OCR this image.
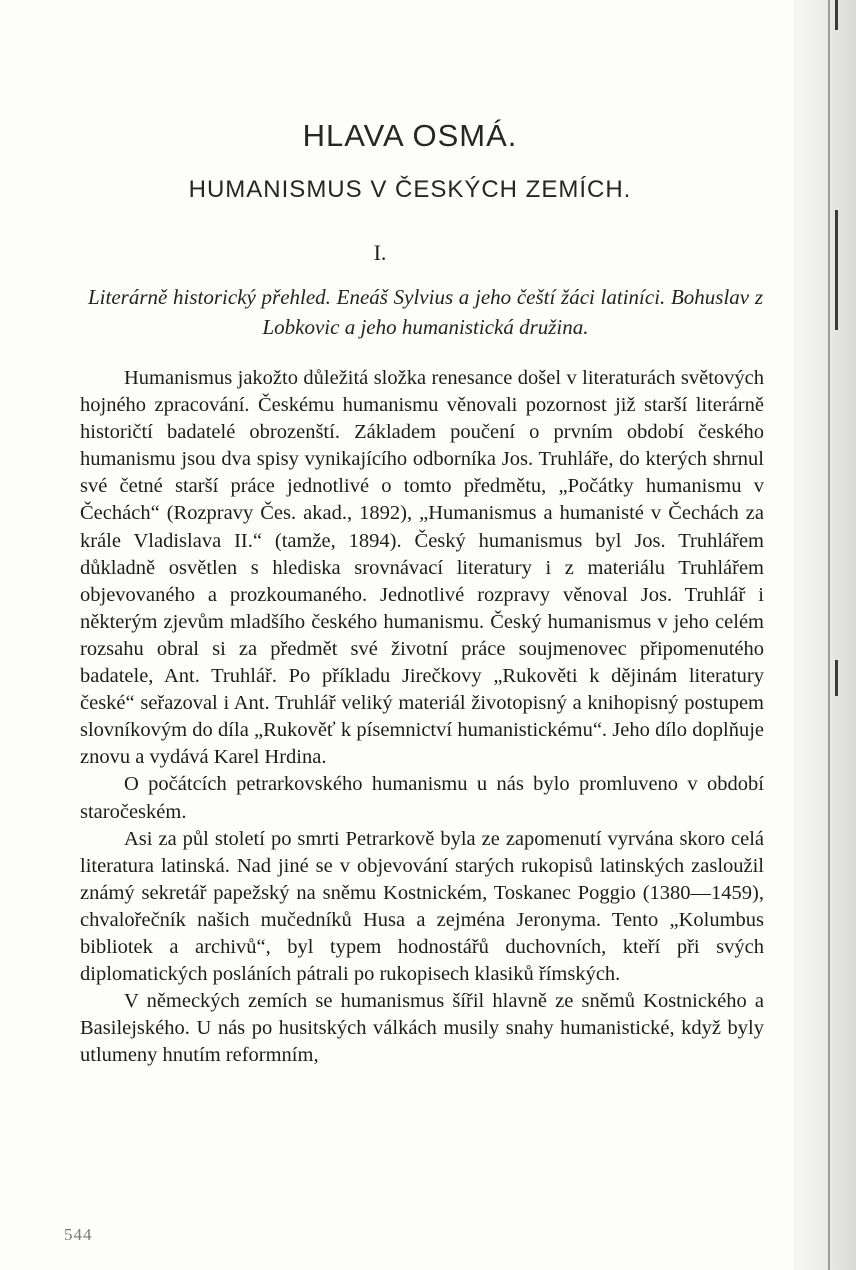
HLAVA OSMÁ.
HUMANISMUS V ČESKÝCH ZEMÍCH.
I.
Literárně historický přehled. Eneáš Sylvius a jeho čeští žáci latiníci. Bohuslav z Lobkovic a jeho humanistická družina.

Humanismus jakožto důležitá složka renesance došel v literaturách světových hojného zpracování. Českému humanismu věnovali pozornost již starší literárně historičtí badatelé obrozenští. Základem poučení o prvním období českého humanismu jsou dva spisy vynikajícího odborníka Jos. Truhláře, do kterých shrnul své četné starší práce jednotlivé o tomto předmětu, „Počátky humanismu v Čechách“ (Rozpravy Čes. akad., 1892), „Humanismus a humanisté v Čechách za krále Vladislava II.“ (tamže, 1894). Český humanismus byl Jos. Truhlářem důkladně osvětlen s hlediska srovnávací literatury i z materiálu Truhlářem objevovaného a prozkoumaného. Jednotlivé rozpravy věnoval Jos. Truhlář i některým zjevům mladšího českého humanismu. Český humanismus v jeho celém rozsahu obral si za předmět své životní práce soujmenovec připomenutého badatele, Ant. Truhlář. Po příkladu Jirečkovy „Rukověti k dějinám literatury české“ seřazoval i Ant. Truhlář veliký materiál životopisný a knihopisný postupem slovníkovým do díla „Rukověť k písemnictví humanistickému“. Jeho dílo doplňuje znovu a vydává Karel Hrdina.

O počátcích petrarkovského humanismu u nás bylo promluveno v období staročeském.

Asi za půl století po smrti Petrarkově byla ze zapomenutí vyrvána skoro celá literatura latinská. Nad jiné se v objevování starých rukopisů latinských zasloužil známý sekretář papežský na sněmu Kostnickém, Toskanec Poggio (1380—1459), chvalořečník našich mučedníků Husa a zejména Jeronyma. Tento „Kolumbus bibliotek a archivů“, byl typem hodnostářů duchovních, kteří při svých diplomatických posláních pátrali po rukopisech klasiků římských.

V německých zemích se humanismus šířil hlavně ze sněmů Kostnického a Basilejského. U nás po husitských válkách musily snahy humanistické, když byly utlumeny hnutím reformním,

544
